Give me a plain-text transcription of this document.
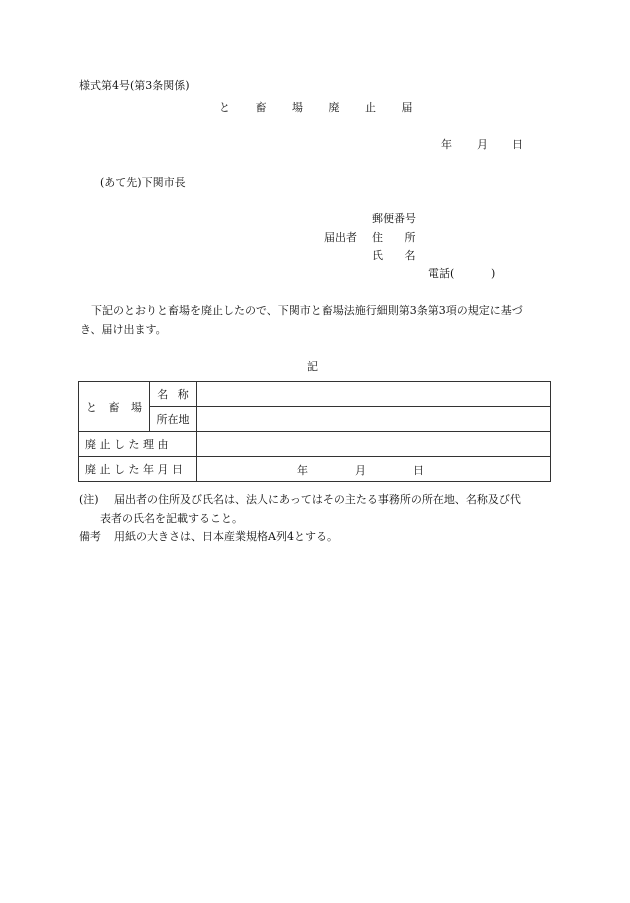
様式第4号(第3条関係)
と 畜 場 廃 止 届
年 月 日
(あて先)下関市長
郵便番号
届出者 住 所
氏 名
電話(	)
下記のとおりと畜場を廃止したので、下関市と畜場法施行細則第3条第3項の規定に基づ
き、届け出ます。
記
と 畜 場	名 称	
	所在地	
廃 止 し た 理 由		
廃 止 し た 年 月 日		年 月 日
(注) 届出者の住所及び氏名は、法人にあってはその主たる事務所の所在地、名称及び代
表者の氏名を記載すること。
備考 用紙の大きさは、日本産業規格A列4とする。
